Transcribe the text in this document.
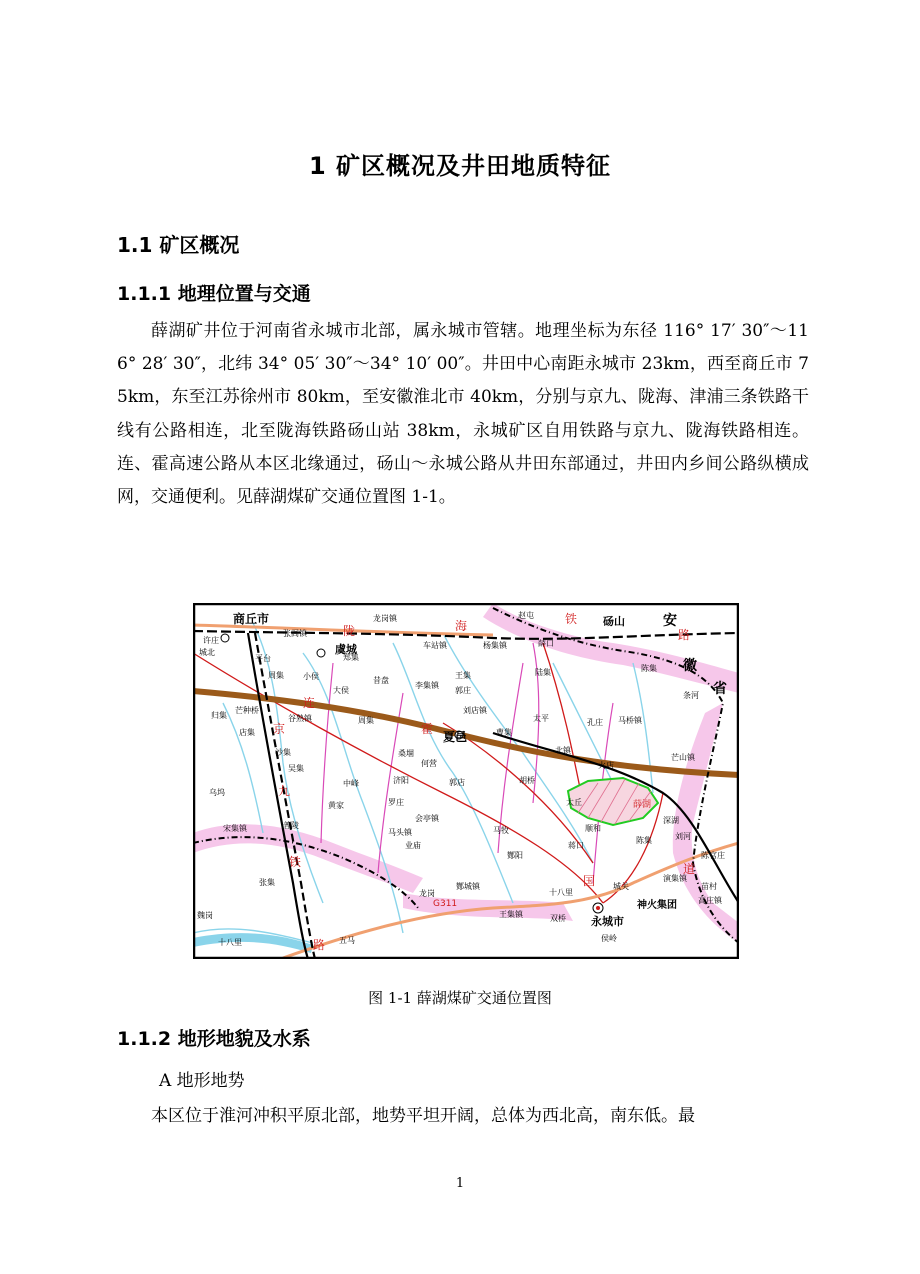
1 矿区概况及井田地质特征
1.1 矿区概况
1.1.1 地理位置与交通
薛湖矿井位于河南省永城市北部，属永城市管辖。地理坐标为东径 116° 17′ 30″～116° 28′ 30″，北纬 34° 05′ 30″～34° 10′ 00″。井田中心南距永城市 23km，西至商丘市 75km，东至江苏徐州市 80km，至安徽淮北市 40km，分别与京九、陇海、津浦三条铁路干线有公路相连，北至陇海铁路砀山站 38km，永城矿区自用铁路与京九、陇海铁路相连。连、霍高速公路从本区北缘通过，砀山～永城公路从井田东部通过，井田内乡间公路纵横成网，交通便利。见薛湖煤矿交通位置图 1-1。
商丘市
许庄
张阁镇
龙岗镇
虞城
郑集
车站镇	杨集镇
赵屯
薛口
砀山	安
徽
省
陈集
条河
城北
平台
周集 小侯
大侯
昔盘
李集镇
王集
郭庄
刘店镇
陆集
周集
店集
谷熟镇
芒种桥
归集
沙集
夏邑	曹集
太平	孔庄 马桥镇
北镇
火店
芒山镇
桑堌
何营
胡桥
乌坞
吴集
中峰	济阳	郭店
太丘	薛湖
深湖
罗庄
黄家
会亭镇
马头镇
业庙
顺和
陈集	刘河
陈官庄
宋集镇	普陵
蒋口
马牧
酂阳
龙岗
酂城镇
十八里
城关
永城市
神火集团
演集镇
苗村
高庄镇
张集
魏岗
十八里	五马
王集镇	双桥
侯岭
G311
陇	海	铁
路
京
九
铁
路
国
道
连
霍
图 1-1 薛湖煤矿交通位置图
1.1.2 地形地貌及水系
A 地形地势
本区位于淮河冲积平原北部，地势平坦开阔，总体为西北高，南东低。最
1
